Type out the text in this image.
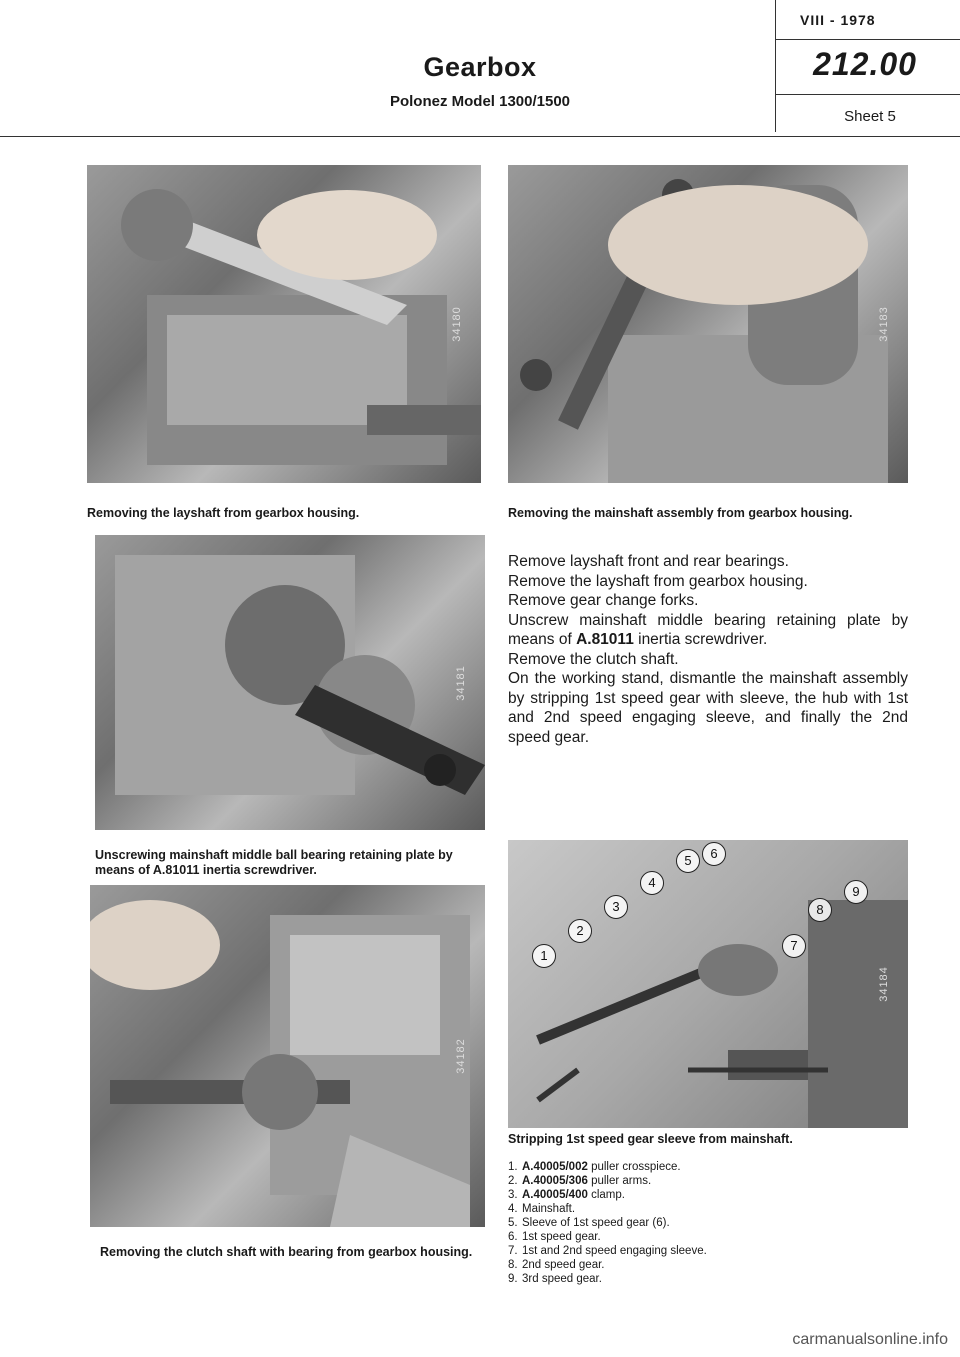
Gearbox
Polonez Model 1300/1500
VIII - 1978
212.00
Sheet 5
34180
Removing the layshaft from gearbox housing.
34183
Removing the mainshaft assembly from gearbox housing.
34181
Unscrewing mainshaft middle ball bearing retaining plate by means of A.81011 inertia screwdriver.

Remove layshaft front and rear bearings.

Remove the layshaft from gearbox housing.

Remove gear change forks.

Unscrew mainshaft middle bearing retaining plate by means of A.81011 inertia screwdriver.

Remove the clutch shaft.

On the working stand, dismantle the mainshaft assembly by stripping 1st speed gear with sleeve, the hub with 1st and 2nd speed engaging sleeve, and finally the 2nd speed gear.

34182
Removing the clutch shaft with bearing from gearbox housing.
1
2
3
4
5	6
7
8
9
34184
Stripping 1st speed gear sleeve from mainshaft.
1. A.40005/002 puller crosspiece.
2. A.40005/306 puller arms.
3. A.40005/400 clamp.
4. Mainshaft.
5. Sleeve of 1st speed gear (6).
6. 1st speed gear.
7. 1st and 2nd speed engaging sleeve.
8. 2nd speed gear.
9. 3rd speed gear.
carmanualsonline.info
